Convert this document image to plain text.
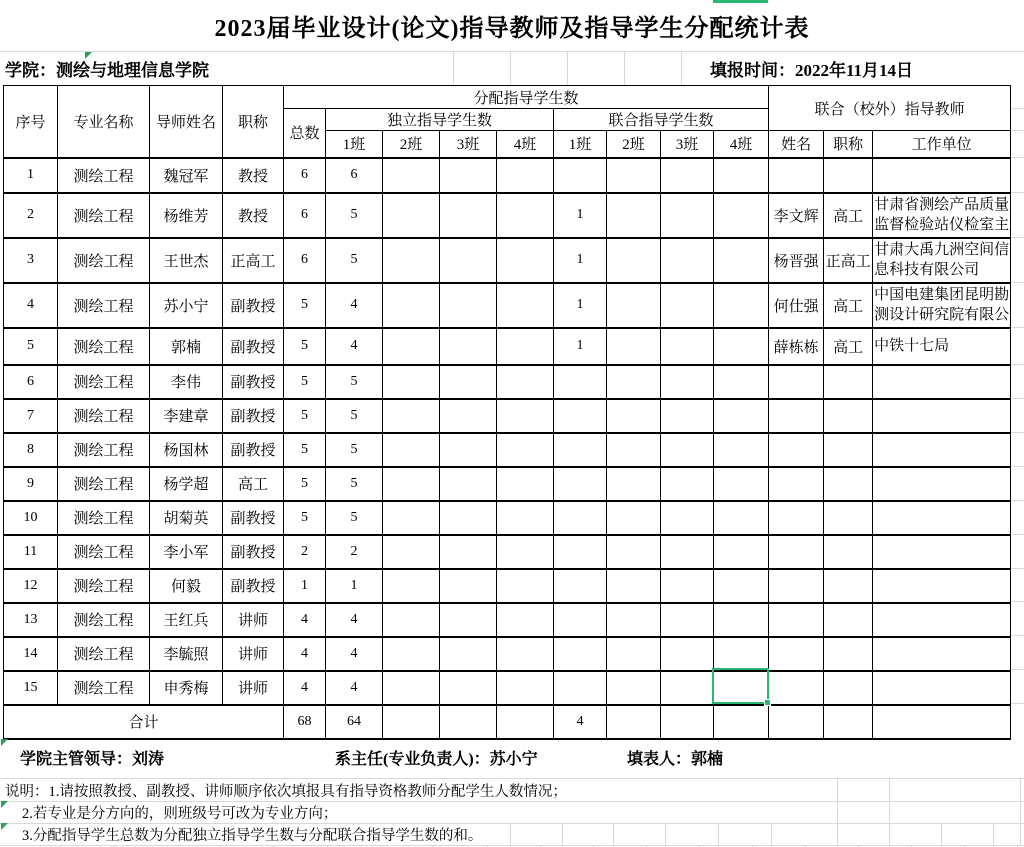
2023届毕业设计(论文)指导教师及指导学生分配统计表
学院： 测绘与地理信息学院	填报时间： 2022年11月14日
序号	专业名称	导师姓名	职称	分配指导学生数									联合（校外）指导教师		
				总数	独立指导学生数				联合指导学生数						
					1班	2班	3班	4班	1班	2班	3班	4班	姓名	职称	工作单位
1	测绘工程	魏冠军	教授	6	6										
2	测绘工程	杨维芳	教授	6	5				1				李文辉	高工	甘肃省测绘产品质量监督检验站仪检室主
3	测绘工程	王世杰	正高工	6	5				1				杨晋强	正高工	甘肃大禹九洲空间信息科技有限公司
4	测绘工程	苏小宁	副教授	5	4				1				何仕强	高工	中国电建集团昆明勘测设计研究院有限公
5	测绘工程	郭楠	副教授	5	4				1				薛栋栋	高工	中铁十七局
6	测绘工程	李伟	副教授	5	5										
7	测绘工程	李建章	副教授	5	5										
8	测绘工程	杨国林	副教授	5	5										
9	测绘工程	杨学超	高工	5	5										
10	测绘工程	胡菊英	副教授	5	5										
11	测绘工程	李小军	副教授	2	2										
12	测绘工程	何毅	副教授	1	1										
13	测绘工程	王红兵	讲师	4	4										
14	测绘工程	李毓照	讲师	4	4										
15	测绘工程	申秀梅	讲师	4	4										
合计				68	64				4						
学院主管领导：刘涛	系主任(专业负责人)：苏小宁	填表人：郭楠
说明：1.请按照教授、副教授、讲师顺序依次填报具有指导资格教师分配学生人数情况；
2.若专业是分方向的，则班级号可改为专业方向；
3.分配指导学生总数为分配独立指导学生数与分配联合指导学生数的和。
